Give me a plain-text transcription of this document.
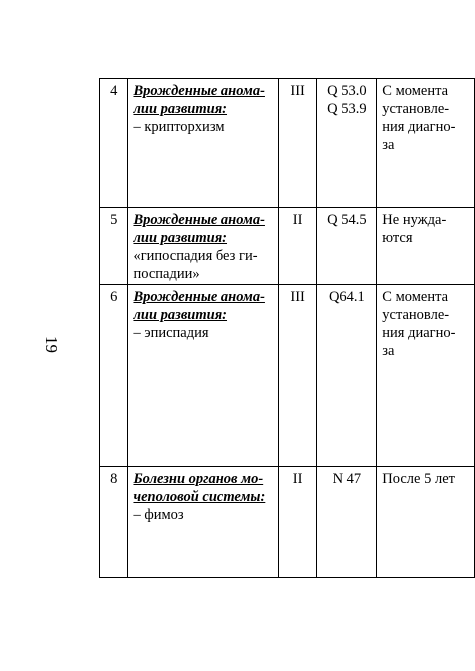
19
4	Врожденные анома-
лии развития:
– крипторхизм	III	Q 53.0
Q 53.9	С момента
установле-
ния диагно-
за

5	Врожденные анома-
лии развития:
«гипоспадия без ги-
поспадии»	II	Q 54.5	Не нужда-
ются

6	Врожденные анома-
лии развития:
– эписпадия	III	Q64.1	С момента
установле-
ния диагно-
за

8	Болезни органов мо-
чеполовой системы:
– фимоз	II	N 47	После 5 лет
